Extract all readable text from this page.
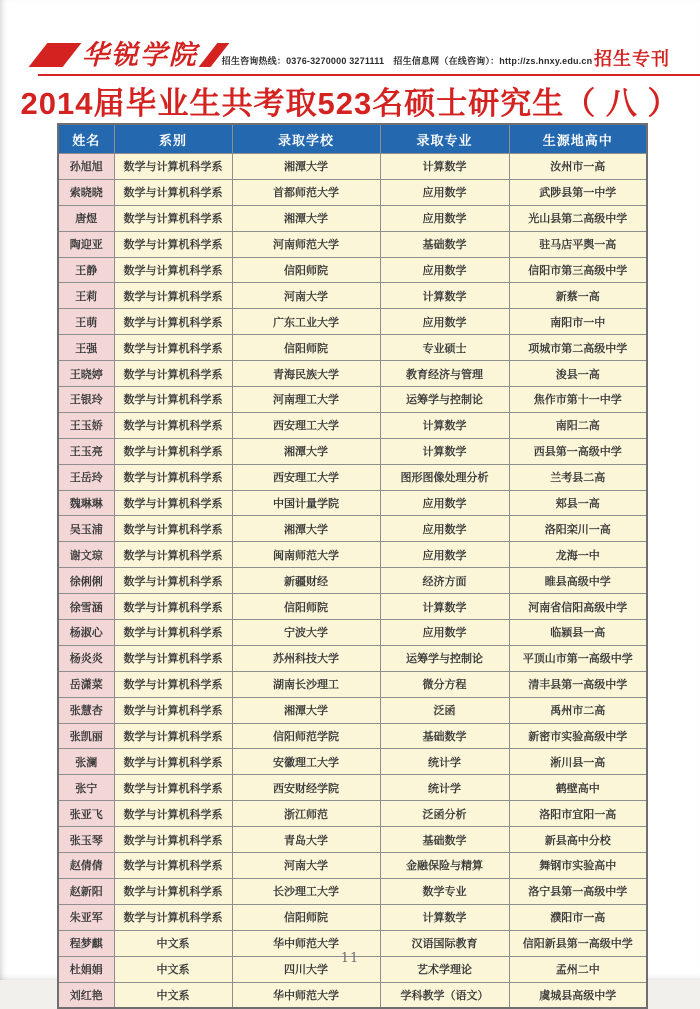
华锐学院	招生咨询热线：0376-3270000 3271111　招生信息网（在线咨询）：http://zs.hnxy.edu.cn 招生专刊
2014届毕业生共考取523名硕士研究生（ 八 ）
姓名	系别	录取学校	录取专业	生源地高中
孙旭旭	数学与计算机科学系	湘潭大学	计算数学	汝州市一高
索晓晓	数学与计算机科学系	首都师范大学	应用数学	武陟县第一中学
唐煜	数学与计算机科学系	湘潭大学	应用数学	光山县第二高级中学
陶迎亚	数学与计算机科学系	河南师范大学	基础数学	驻马店平舆一高
王静	数学与计算机科学系	信阳师院	应用数学	信阳市第三高级中学
王莉	数学与计算机科学系	河南大学	计算数学	新蔡一高
王萌	数学与计算机科学系	广东工业大学	应用数学	南阳市一中
王强	数学与计算机科学系	信阳师院	专业硕士	项城市第二高级中学
王晓婷	数学与计算机科学系	青海民族大学	教育经济与管理	浚县一高
王银玲	数学与计算机科学系	河南理工大学	运筹学与控制论	焦作市第十一中学
王玉娇	数学与计算机科学系	西安理工大学	计算数学	南阳二高
王玉亮	数学与计算机科学系	湘潭大学	计算数学	西县第一高级中学
王岳玲	数学与计算机科学系	西安理工大学	图形图像处理分析	兰考县二高
魏琳琳	数学与计算机科学系	中国计量学院	应用数学	郏县一高
吴玉浦	数学与计算机科学系	湘潭大学	应用数学	洛阳栾川一高
谢文琼	数学与计算机科学系	闽南师范大学	应用数学	龙海一中
徐俐俐	数学与计算机科学系	新疆财经	经济方面	睢县高级中学
徐雪涵	数学与计算机科学系	信阳师院	计算数学	河南省信阳高级中学
杨淑心	数学与计算机科学系	宁波大学	应用数学	临颍县一高
杨炎炎	数学与计算机科学系	苏州科技大学	运筹学与控制论	平顶山市第一高级中学
岳潇菜	数学与计算机科学系	湖南长沙理工	微分方程	清丰县第一高级中学
张慧杏	数学与计算机科学系	湘潭大学	泛函	禹州市二高
张凯丽	数学与计算机科学系	信阳师范学院	基础数学	新密市实验高级中学
张澜	数学与计算机科学系	安徽理工大学	统计学	淅川县一高
张宁	数学与计算机科学系	西安财经学院	统计学	鹤壁高中
张亚飞	数学与计算机科学系	浙江师范	泛函分析	洛阳市宜阳一高
张玉琴	数学与计算机科学系	青岛大学	基础数学	新县高中分校
赵倩倩	数学与计算机科学系	河南大学	金融保险与精算	舞钢市实验高中
赵新阳	数学与计算机科学系	长沙理工大学	数学专业	洛宁县第一高级中学
朱亚军	数学与计算机科学系	信阳师院	计算数学	濮阳市一高
程梦麒	中文系	华中师范大学	汉语国际教育	信阳新县第一高级中学
杜娟娟	中文系	四川大学	艺术学理论	孟州二中
刘红艳	中文系	华中师范大学	学科教学（语文）	虞城县高级中学
11
